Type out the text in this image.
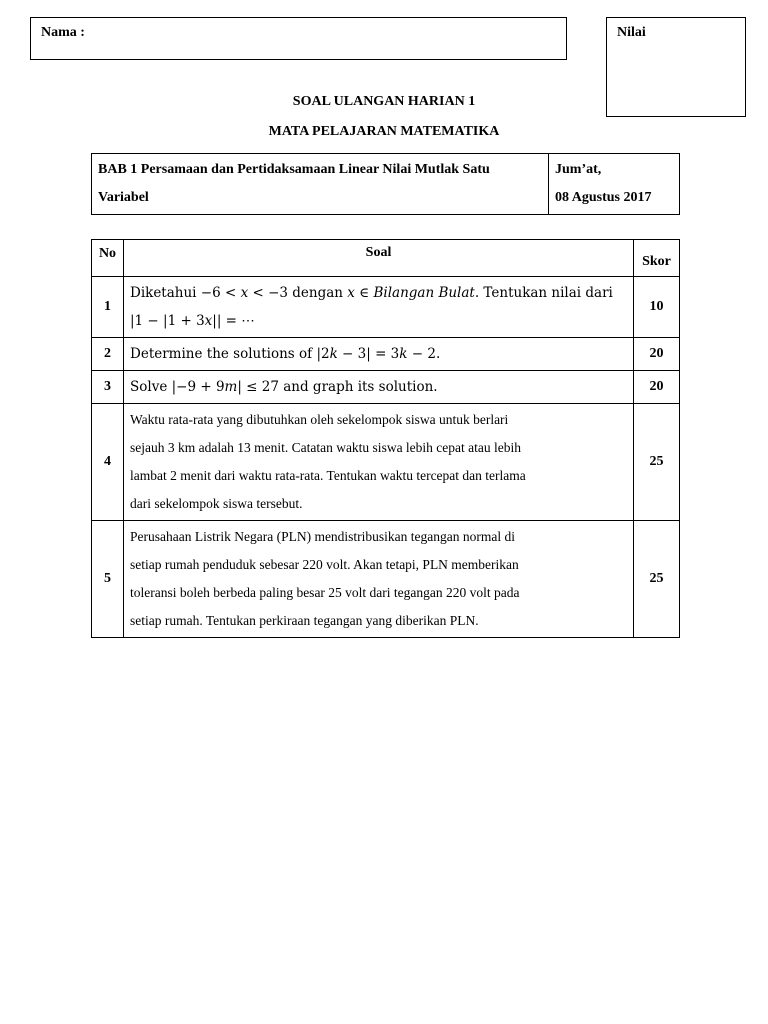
Nama :	Nilai
SOAL ULANGAN HARIAN 1
MATA PELAJARAN MATEMATIKA
BAB 1 Persamaan dan Pertidaksamaan Linear Nilai Mutlak Satu Variabel	
Jum’at,
08 Agustus 2017
No	Soal	Skor
1	Diketahui −6 < 𝑥 < −3 dengan 𝑥 ∈ 𝐵𝑖𝑙𝑎𝑛𝑔𝑎𝑛 𝐵𝑢𝑙𝑎𝑡. Tentukan nilai dari
|1 − |1 + 3𝑥|| = ⋯	10
2	Determine the solutions of |2𝑘 − 3| = 3𝑘 − 2.	20
3	Solve |−9 + 9𝑚| ≤ 27 and graph its solution.	20
4	Waktu rata-rata yang dibutuhkan oleh sekelompok siswa untuk berlari
sejauh 3 km adalah 13 menit. Catatan waktu siswa lebih cepat atau lebih
lambat 2 menit dari waktu rata-rata. Tentukan waktu tercepat dan terlama
dari sekelompok siswa tersebut.	25
5	Perusahaan Listrik Negara (PLN) mendistribusikan tegangan normal di
setiap rumah penduduk sebesar 220 volt. Akan tetapi, PLN memberikan
toleransi boleh berbeda paling besar 25 volt dari tegangan 220 volt pada
setiap rumah. Tentukan perkiraan tegangan yang diberikan PLN.	25
